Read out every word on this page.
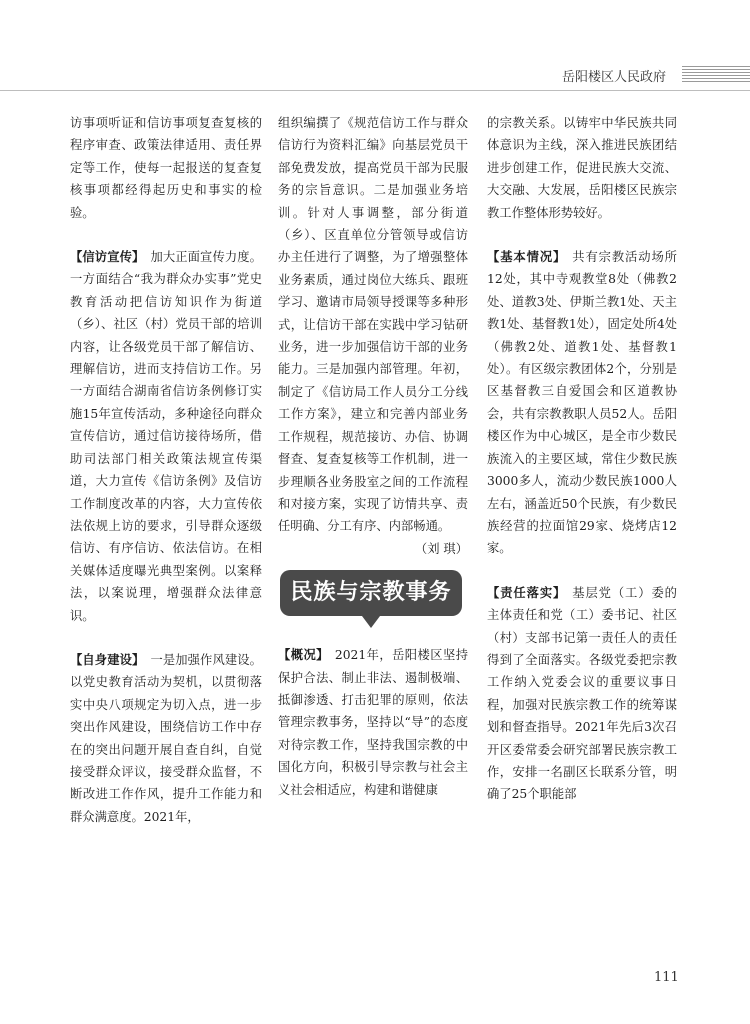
岳阳楼区人民政府

访事项听证和信访事项复查复核的程序审查、政策法律适用、责任界定等工作，使每一起报送的复查复核事项都经得起历史和事实的检验。

【信访宣传】 加大正面宣传力度。一方面结合“我为群众办实事”党史教育活动把信访知识作为街道（乡）、社区（村）党员干部的培训内容，让各级党员干部了解信访、理解信访，进而支持信访工作。另一方面结合湖南省信访条例修订实施15年宣传活动，多种途径向群众宣传信访，通过信访接待场所，借助司法部门相关政策法规宣传渠道，大力宣传《信访条例》及信访工作制度改革的内容，大力宣传依法依规上访的要求，引导群众逐级信访、有序信访、依法信访。在相关媒体适度曝光典型案例。以案释法，以案说理，增强群众法律意识。

【自身建设】 一是加强作风建设。以党史教育活动为契机，以贯彻落实中央八项规定为切入点，进一步突出作风建设，围绕信访工作中存在的突出问题开展自查自纠，自觉接受群众评议，接受群众监督，不断改进工作作风，提升工作能力和群众满意度。2021年，

组织编撰了《规范信访工作与群众信访行为资料汇编》向基层党员干部免费发放，提高党员干部为民服务的宗旨意识。二是加强业务培训。针对人事调整，部分街道（乡）、区直单位分管领导或信访办主任进行了调整，为了增强整体业务素质，通过岗位大练兵、跟班学习、邀请市局领导授课等多种形式，让信访干部在实践中学习钻研业务，进一步加强信访干部的业务能力。三是加强内部管理。年初，制定了《信访局工作人员分工分线工作方案》，建立和完善内部业务工作规程，规范接访、办信、协调督查、复查复核等工作机制，进一步理顺各业务股室之间的工作流程和对接方案，实现了访情共享、责任明确、分工有序、内部畅通。

（刘 琪）

民族与宗教事务

【概况】 2021年，岳阳楼区坚持保护合法、制止非法、遏制极端、抵御渗透、打击犯罪的原则，依法管理宗教事务，坚持以“导”的态度对待宗教工作，坚持我国宗教的中国化方向，积极引导宗教与社会主义社会相适应，构建和谐健康

的宗教关系。以铸牢中华民族共同体意识为主线，深入推进民族团结进步创建工作，促进民族大交流、大交融、大发展，岳阳楼区民族宗教工作整体形势较好。

【基本情况】 共有宗教活动场所12处，其中寺观教堂8处（佛教2处、道教3处、伊斯兰教1处、天主教1处、基督教1处），固定处所4处（佛教2处、道教1处、基督教1处）。有区级宗教团体2个，分别是区基督教三自爱国会和区道教协会，共有宗教教职人员52人。岳阳楼区作为中心城区，是全市少数民族流入的主要区域，常住少数民族3000多人，流动少数民族1000人左右，涵盖近50个民族，有少数民族经营的拉面馆29家、烧烤店12家。

【责任落实】 基层党（工）委的主体责任和党（工）委书记、社区（村）支部书记第一责任人的责任得到了全面落实。各级党委把宗教工作纳入党委会议的重要议事日程，加强对民族宗教工作的统筹谋划和督查指导。2021年先后3次召开区委常委会研究部署民族宗教工作，安排一名副区长联系分管，明确了25个职能部

111
